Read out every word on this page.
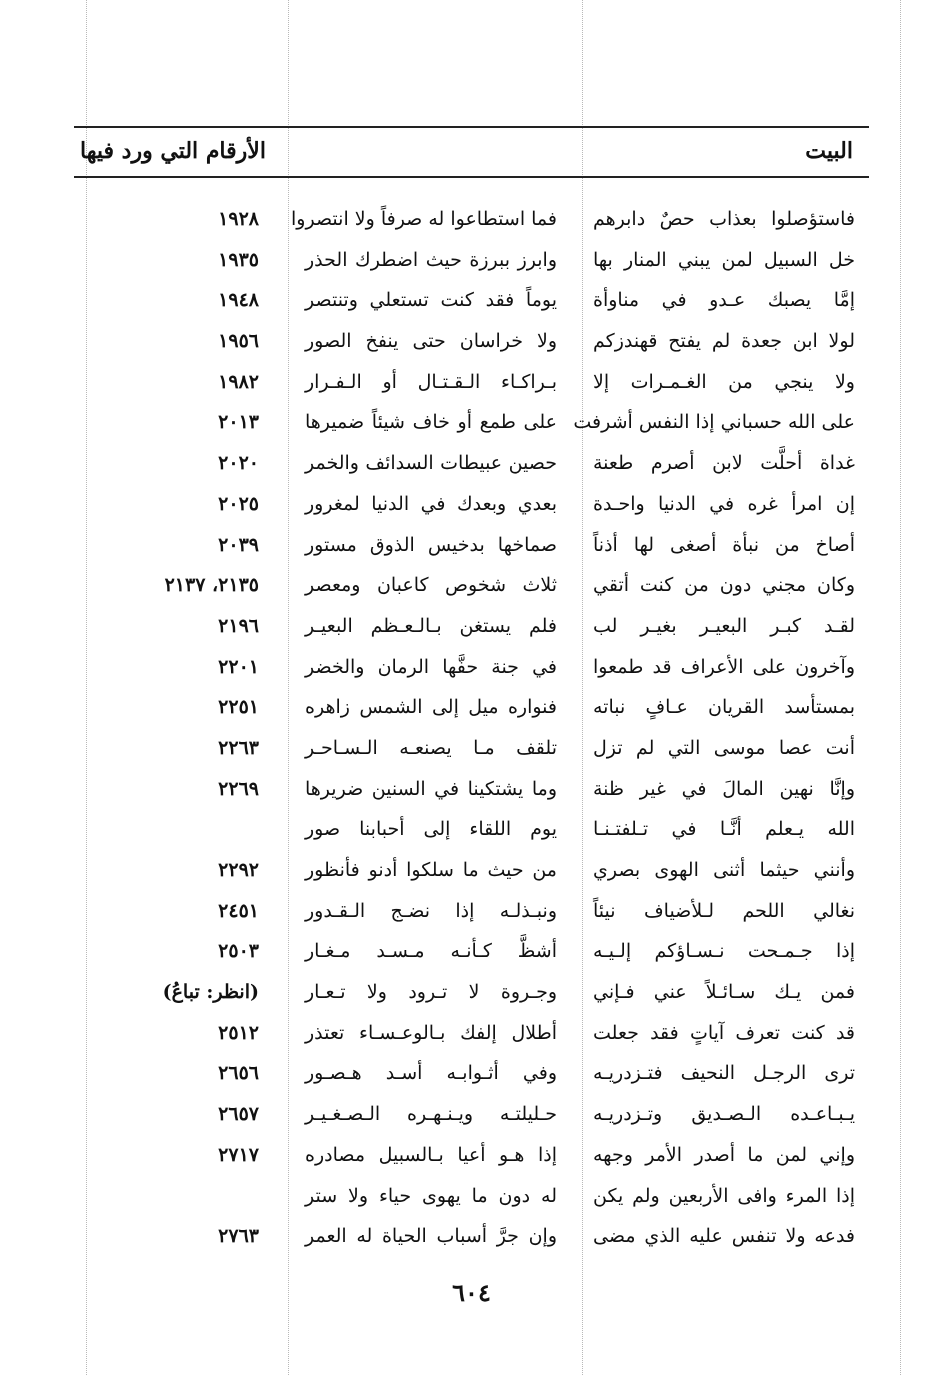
البيت
الأرقام التي ورد فيها
فاستؤصلوا بعذاب حصٌ دابرهم
فما استطاعوا له صرفاً ولا انتصروا
١٩٢٨
خل السبيل لمن يبني المنار بها
وابرز ببرزة حيث اضطرك الحذر
١٩٣٥
إمَّا يصبك عـدو في مناوأة
يوماً فقد كنت تستعلي وتنتصر
١٩٤٨
لولا ابن جعدة لم يفتح قهندزكم
ولا خراسان حتى ينفخ الصور
١٩٥٦
ولا ينجي من الغـمـرات إلا
بـراكـاء الـقـتـال أو الـفـرار
١٩٨٢
على الله حسباني إذا النفس أشرفت
على طمع أو خاف شيئاً ضميرها
٢٠١٣
غداة أحلَّت لابن أصرم طعنة
حصين عبيطات السدائف والخمر
٢٠٢٠
إن امرأ غره في الدنيا واحـدة
بعدي وبعدك في الدنيا لمغرور
٢٠٢٥
أصاخ من نبأة أصغى لها أذناً
صماخها بدخيس الذوق مستور
٢٠٣٩
وكان مجني دون من كنت أتقي
ثلاث شخوص كاعبان ومعصر
٢١٣٥، ٢١٣٧
لقـد كبـر البعيـر بغيـر لب
فلم يستغن بـالـعـظم البعيـر
٢١٩٦
وآخرون على الأعراف قد طمعوا
في جنة حفَّها الرمان والخضر
٢٢٠١
بمستأسد القريان عـافٍ نباته
فنواره ميل إلى الشمس زاهره
٢٢٥١
أنت عصا موسى التي لم تزل
تلقف مـا يصنعـه الـسـاحـر
٢٢٦٣
وإنَّا نهين المالَ في غير ظنة
وما يشتكينا في السنين ضريرها
٢٢٦٩
الله يـعلم أنَّـا في تـلفتـنـا
يوم اللقاء إلى أحبابنا صور
وأنني حيثما أثنى الهوى بصري
من حيث ما سلكوا أدنو فأنظور
٢٢٩٢
نغالي اللحم لـلأضياف نيئاً
ونبـذلـه إذا نضـج الـقـدور
٢٤٥١
إذا جـمـحت نـسـاؤكم إلـيـه
أشظَّ كـأنـه مـسـد مـغـار
٢٥٠٣
فمن يـك سـائـلاً عني فـإني
وجـروة لا تـرود ولا تـعـار
(انظر: تباعُ)
قد كنت تعرف آياتٍ فقد جعلت
أطلال إلفك بـالوعـسـاء تعتذر
٢٥١٢
ترى الرجـل النحيف فتـزدريـه
وفي أثـوابـه أسـد هـصـور
٢٦٥٦
يـبـاعـده الـصـديق وتـزدريـه
حـليلتـه ويـنـهـره الـصـغـيـر
٢٦٥٧
وإني لمن ما أصدر الأمر وجهه
إذا هـو أعيا بـالسبيل مصادره
٢٧١٧
إذا المرء وافى الأربعين ولم يكن
له دون ما يهوى حياء ولا ستر
فدعه ولا تنفس عليه الذي مضى
وإن جرَّ أسباب الحياة له العمر
٢٧٦٣
٦٠٤
